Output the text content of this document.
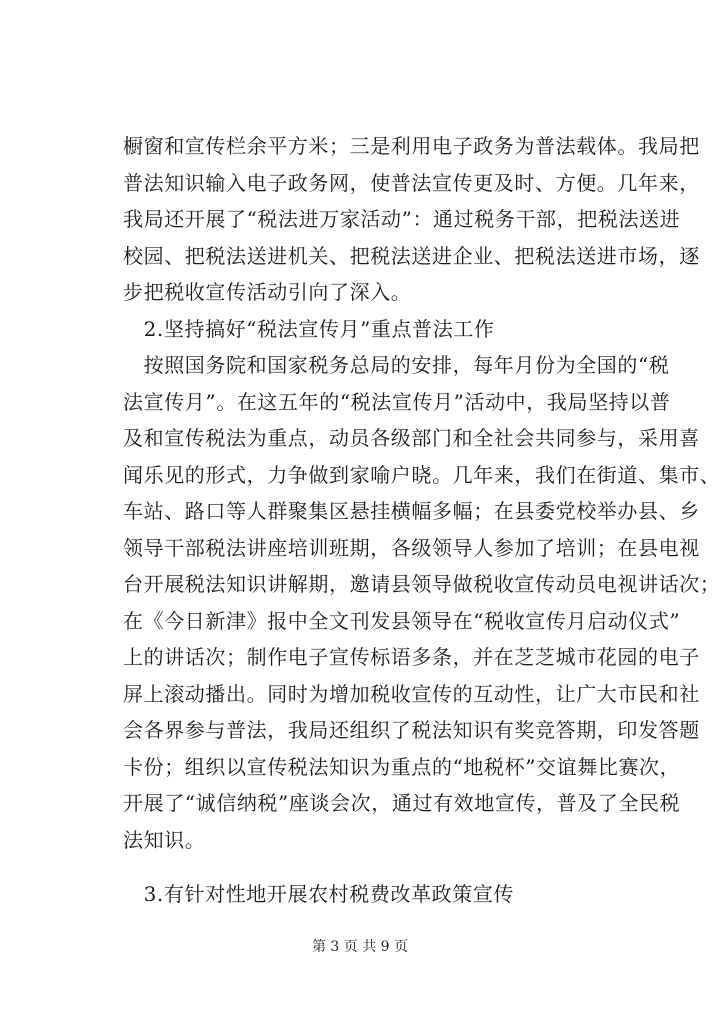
橱窗和宣传栏余平方米；三是利用电子政务为普法载体。我局把
普法知识输入电子政务网，使普法宣传更及时、方便。几年来，
我局还开展了“税法进万家活动”：通过税务干部，把税法送进
校园、把税法送进机关、把税法送进企业、把税法送进市场，逐
步把税收宣传活动引向了深入。
　2.坚持搞好“税法宣传月”重点普法工作
　按照国务院和国家税务总局的安排，每年月份为全国的“税
法宣传月”。在这五年的“税法宣传月”活动中，我局坚持以普
及和宣传税法为重点，动员各级部门和全社会共同参与，采用喜
闻乐见的形式，力争做到家喻户晓。几年来，我们在街道、集市、
车站、路口等人群聚集区悬挂横幅多幅；在县委党校举办县、乡
领导干部税法讲座培训班期，各级领导人参加了培训；在县电视
台开展税法知识讲解期，邀请县领导做税收宣传动员电视讲话次；
在《今日新津》报中全文刊发县领导在“税收宣传月启动仪式”
上的讲话次；制作电子宣传标语多条，并在芝芝城市花园的电子
屏上滚动播出。同时为增加税收宣传的互动性，让广大市民和社
会各界参与普法，我局还组织了税法知识有奖竞答期，印发答题
卡份；组织以宣传税法知识为重点的“地税杯”交谊舞比赛次，
开展了“诚信纳税”座谈会次，通过有效地宣传，普及了全民税
法知识。
　3.有针对性地开展农村税费改革政策宣传
第 3 页 共 9 页
